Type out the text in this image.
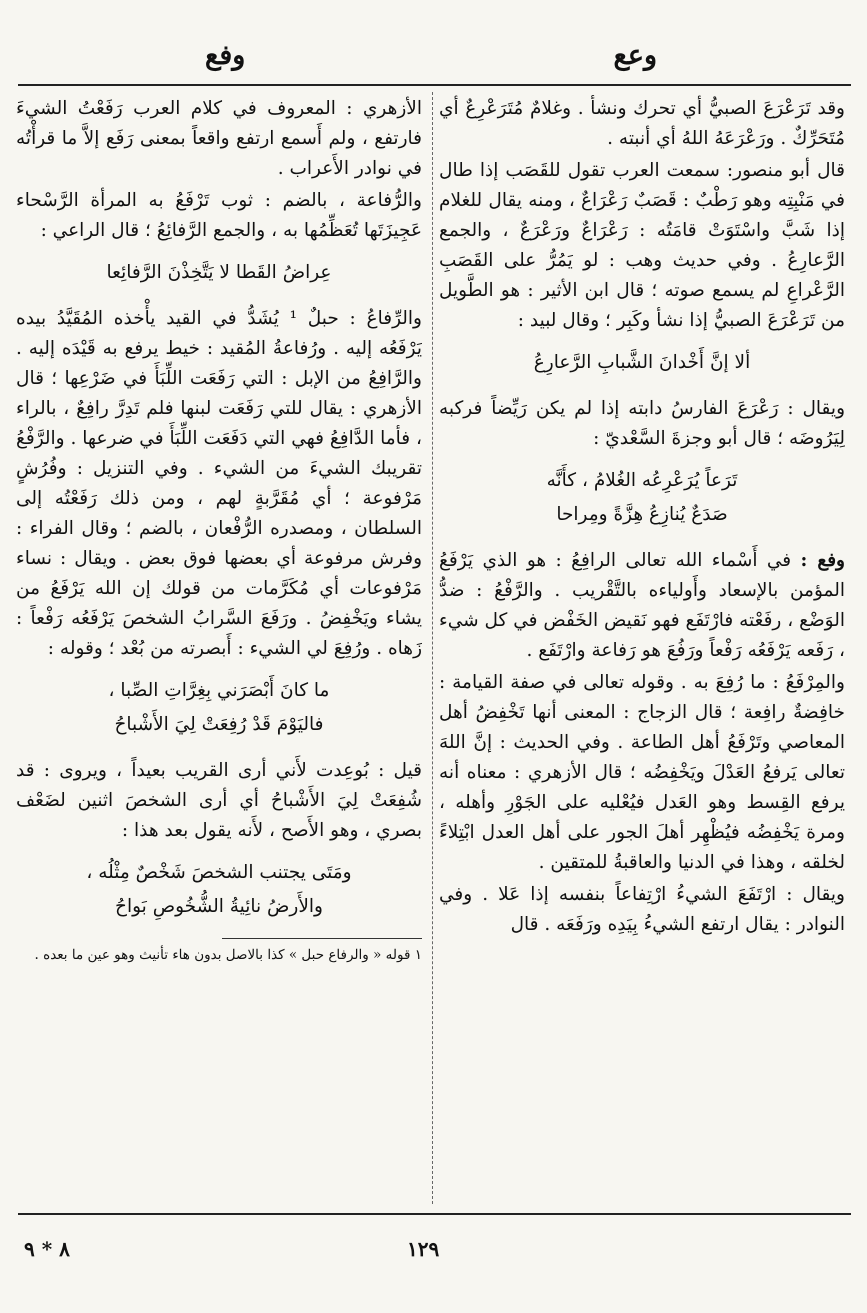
وعع
وفع

وقد تَرَعْرَعَ الصبيُّ أي تحرك ونشأ . وغلامٌ مُتَرَعْرِعٌ أي مُتَحَرِّكٌ . ورَعْرَعَهُ اللهُ أي أنبته .

قال أبو منصور: سمعت العرب تقول للقَصَب إذا طال في مَنْبِتِه وهو رَطْبٌ : قَصَبٌ رَعْرَاعٌ ، ومنه يقال للغلام إذا شَبَّ واسْتَوَتْ قامَتُه : رَعْرَاعٌ ورَعْرَعٌ ، والجمع الرَّعارِعُ . وفي حديث وهب : لو يَمُرُّ على القَصَبِ الرَّعْراعِ لم يسمع صوته ؛ قال ابن الأثير : هو الطَّويل من تَرَعْرَعَ الصبيُّ إذا نشأ وكَبِر ؛ وقال لبيد :

ألا إنَّ أَخْدانَ الشَّبابِ الرَّعارِعُ

ويقال : رَعْرَعَ الفارسُ دابته إذا لم يكن رَيِّضاً فركبه لِيَرُوضَه ؛ قال أبو وجزةَ السَّعْديّ :

تَرَعاً يُرَعْرِعُه الغُلامُ ، كأَنَّه
صَدَعٌ يُنازِعُ هِزَّةً ومِراحا

وفع : في أَسْماء الله تعالى الرافِعُ : هو الذي يَرْفَعُ المؤمن بالإسعاد وأَولياءه بالتَّقْريب . والرَّفْعُ : ضدُّ الوَضْع ، رفَعْته فارْتَفَع فهو نَقيض الخَفْض في كل شيء ، رَفَعه يَرْفَعُه رَفْعاً ورَفُعَ هو رَفاعة وارْتَفَع .

والمِرْفَعُ : ما رُفِعَ به . وقوله تعالى في صفة القيامة : خافِضةٌ رافِعة ؛ قال الزجاج : المعنى أنها تَخْفِضُ أهل المعاصي وتَرْفَعُ أهل الطاعة . وفي الحديث : إنَّ اللهَ تعالى يَرفعُ العَدْلَ ويَخْفِضُه ؛ قال الأزهري : معناه أنه يرفع القِسط وهو العَدل فيُعْليه على الجَوْرِ وأهله ، ومرة يَخْفِضُه فيُظْهِر أهلَ الجور على أهل العدل ابْتِلاءً لخلقه ، وهذا في الدنيا والعاقبةُ للمتقين .

ويقال : ارْتَفَعَ الشيءُ ارْتِفاعاً بنفسه إذا عَلا . وفي النوادر : يقال ارتفع الشيءُ بِيَدِه ورَفَعَه . قال

الأزهري : المعروف في كلام العرب رَفَعْتُ الشيءَ فارتفع ، ولم أَسمع ارتفع واقعاً بمعنى رَفَع إلاَّ ما قرأْتُه في نوادر الأَعراب .

والرُّفاعة ، بالضم : ثوب تَرْفَعُ به المرأة الرَّسْحاء عَجِيزَتَها تُعَظِّمُها به ، والجمع الرَّفائِعُ ؛ قال الراعي :

عِراضُ القَطا لا يَتَّخِذْنَ الرَّفائِعا

والرِّفاعُ : حبلٌ ¹ يُشَدُّ في القيد يأْخذه المُقَيَّدُ بيده يَرْفَعُه إليه . ورُفاعةُ المُقيد : خيط يرفع به قَيْدَه إليه . والرَّافِعُ من الإبل : التي رَفَعَت اللِّبَأَ في ضَرْعِها ؛ قال الأزهري : يقال للتي رَفَعَت لبنها فلم تَدِرَّ رافِعٌ ، بالراء ، فأما الدَّافِعُ فهي التي دَفَعَت اللِّبَأَ في ضرعها . والرَّفْعُ تقريبك الشيءَ من الشيء . وفي التنزيل : وفُرُشٍ مَرْفوعة ؛ أي مُقَرَّبةٍ لهم ، ومن ذلك رَفَعْتُه إلى السلطان ، ومصدره الرُّفْعان ، بالضم ؛ وقال الفراء : وفرش مرفوعة أي بعضها فوق بعض . ويقال : نساء مَرْفوعات أي مُكَرَّمات من قولك إن الله يَرْفَعُ من يشاء ويَخْفِضُ . ورَفَعَ السَّرابُ الشخصَ يَرْفَعُه رَفْعاً : زَهاه . ورُفِعَ لي الشيء : أَبصرته من بُعْد ؛ وقوله :

ما كانَ أَبْصَرَني بِغِرَّاتِ الصِّبا ،
فاليَوْمَ قَدْ رُفِعَتْ لِيَ الأَشْباحُ

قيل : بُوعِدت لأَني أرى القريب بعيداً ، ويروى : قد شُفِعَتْ لِيَ الأَشْباحُ أي أرى الشخصَ اثنين لضَعْف بصري ، وهو الأَصح ، لأَنه يقول بعد هذا :

ومَتَى يجتنب الشخصَ شَخْصٌ مِثْلُه ،
والأَرضُ نائِيةُ الشُّخُوصِ بَواحُ
١ قوله « والرفاع حبل » كذا بالاصل بدون هاء تأنيث وهو عين ما بعده .
١٢٩
٨ * ٩
